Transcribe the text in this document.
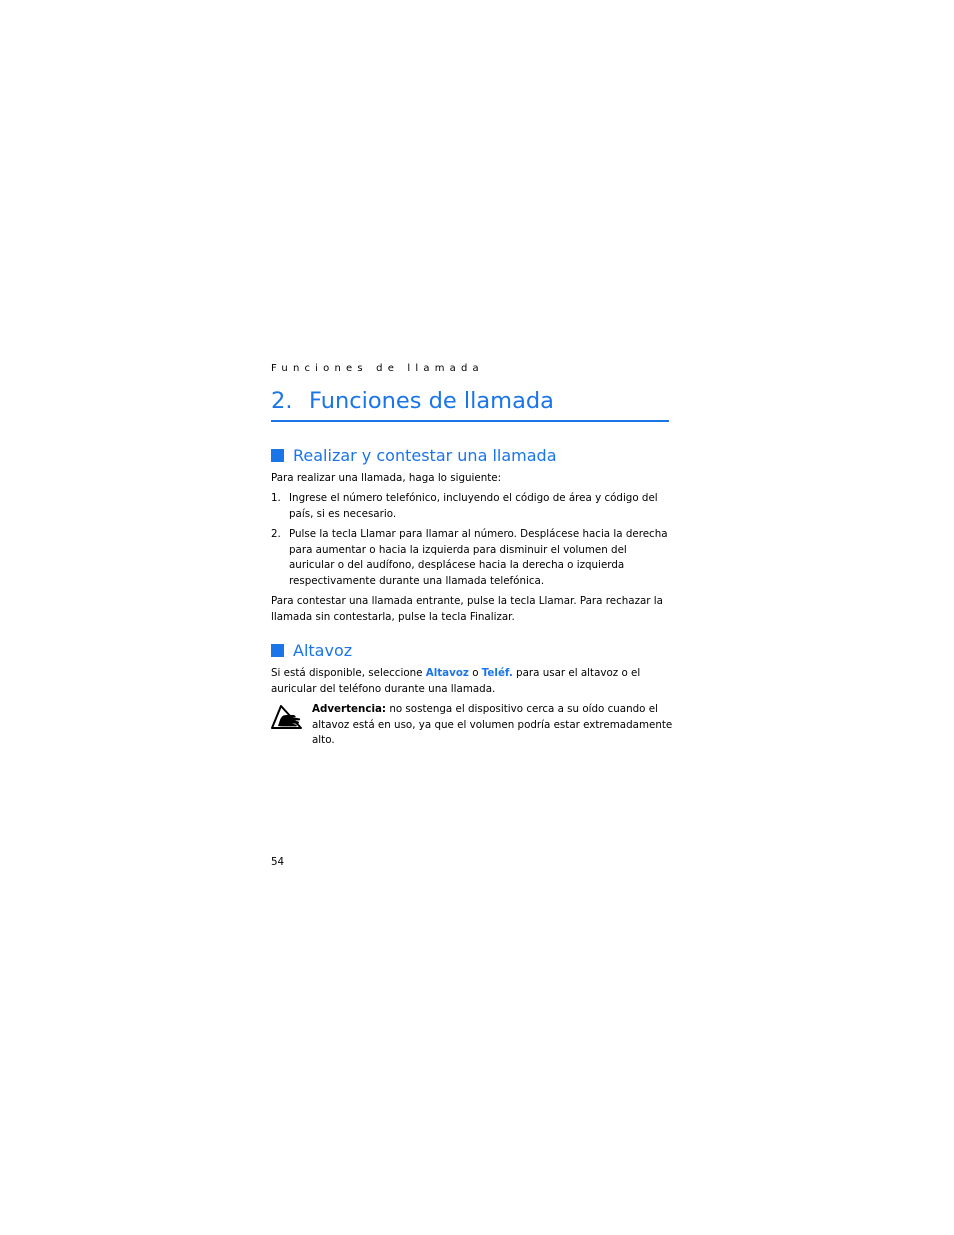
Funciones de llamada
2. Funciones de llamada
Realizar y contestar una llamada
Para realizar una llamada, haga lo siguiente:
1. Ingrese el número telefónico, incluyendo el código de área y código del país, si es necesario.
2. Pulse la tecla Llamar para llamar al número. Desplácese hacia la derecha para aumentar o hacia la izquierda para disminuir el volumen del auricular o del audífono, desplácese hacia la derecha o izquierda respectivamente durante una llamada telefónica.
Para contestar una llamada entrante, pulse la tecla Llamar. Para rechazar la llamada sin contestarla, pulse la tecla Finalizar.
Altavoz
Si está disponible, seleccione Altavoz o Teléf. para usar el altavoz o el auricular del teléfono durante una llamada.
Advertencia: no sostenga el dispositivo cerca a su oído cuando el altavoz está en uso, ya que el volumen podría estar extremadamente alto.
54
